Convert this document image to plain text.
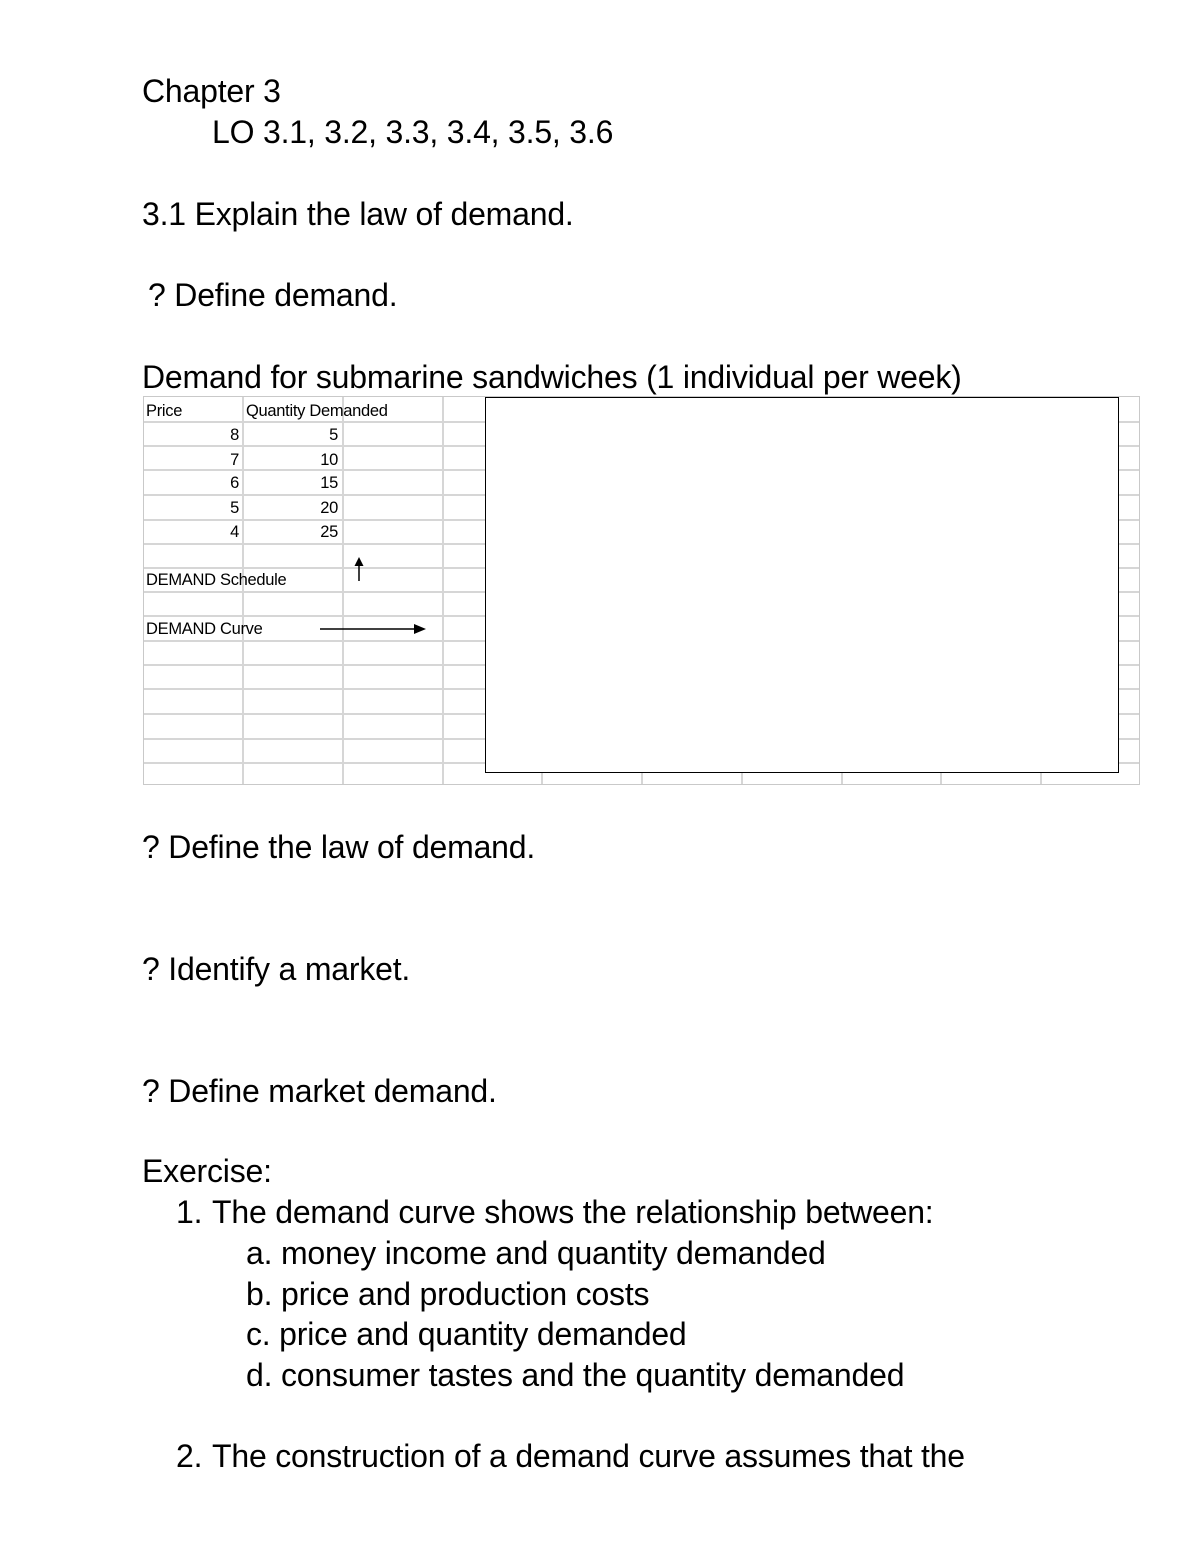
Chapter 3
LO 3.1, 3.2, 3.3, 3.4, 3.5, 3.6
3.1 Explain the law of demand.
? Define demand.
Demand for submarine sandwiches (1 individual per week)
Price	Quantity Demanded
8	5
7	10
6	15
5	20
4	25
DEMAND Schedule
DEMAND Curve
? Define the law of demand.
? Identify a market.
? Define market demand.
Exercise:
1. The demand curve shows the relationship between:
a. money income and quantity demanded
b. price and production costs
c. price and quantity demanded
d. consumer tastes and the quantity demanded
2. The construction of a demand curve assumes that the
